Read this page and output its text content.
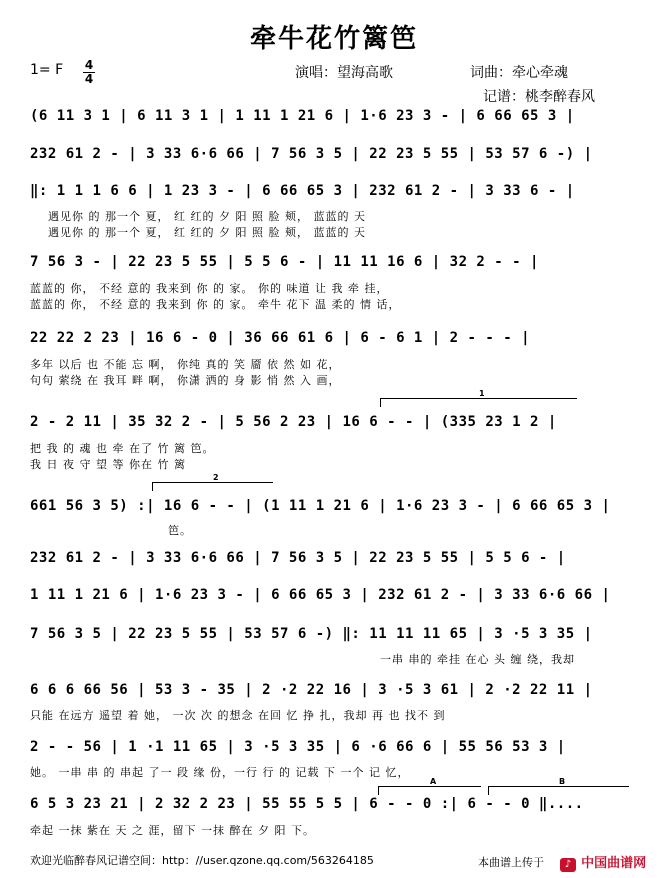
牵牛花竹篱笆
1= F 4
4	演唱：望海高歌	词曲：牵心牵魂
记谱：桃李醉春风
(6 11 3 1 | 6 11 3 1 | 1 11 1 21 6 | 1·6 23 3 - | 6 66 65 3 |
232 61 2 - | 3 33 6·6 66 | 7 56 3 5 | 22 23 5 55 | 53 57 6 -) |
‖: 1 1 1 6 6 | 1 23 3 - | 6 66 65 3 | 232 61 2 - | 3 33 6 - |
遇见你 的 那一个 夏， 红 红的 夕 阳 照 脸 颊， 蓝蓝的 天
遇见你 的 那一个 夏， 红 红的 夕 阳 照 脸 颊， 蓝蓝的 天
7 56 3 - | 22 23 5 55 | 5 5 6 - | 11 11 16 6 | 32 2 - - |
蓝蓝的 你， 不经 意的 我来到 你 的 家。 你的 味道 让 我 牵 挂，
蓝蓝的 你， 不经 意的 我来到 你 的 家。 牵牛 花下 温 柔的 情 话，
22 22 2 23 | 16 6 - 0 | 36 66 61 6 | 6 - 6 1 | 2 - - - |
多年 以后 也 不能 忘 啊， 你纯 真的 笑 靥 依 然 如 花，
句句 萦绕 在 我耳 畔 啊， 你潇 洒的 身 影 悄 然 入 画，
1
2 - 2 11 | 35 32 2 - | 5 56 2 23 | 16 6 - - | (335 23 1 2 |
把 我 的 魂 也 牵 在了 竹 篱 笆。
我 日 夜 守 望 等 你在 竹 篱
2
661 56 3 5) :| 16 6 - - | (1 11 1 21 6 | 1·6 23 3 - | 6 66 65 3 |
笆。
232 61 2 - | 3 33 6·6 66 | 7 56 3 5 | 22 23 5 55 | 5 5 6 - |
1 11 1 21 6 | 1·6 23 3 - | 6 66 65 3 | 232 61 2 - | 3 33 6·6 66 |
7 56 3 5 | 22 23 5 55 | 53 57 6 -) ‖: 11 11 11 65 | 3 ·5 3 35 |
一串 串的 牵挂 在心 头 缠 绕，我却
6 6 6 66 56 | 53 3 - 35 | 2 ·2 22 16 | 3 ·5 3 61 | 2 ·2 22 11 |
只能 在远方 遥望 着 她， 一次 次 的想念 在回 忆 挣 扎，我却 再 也 找不 到
2 - - 56 | 1 ·1 11 65 | 3 ·5 3 35 | 6 ·6 66 6 | 55 56 53 3 |
她。 一串 串 的 串起 了一 段 缘 份，一行 行 的 记载 下 一个 记 忆，
A	B
6 5 3 23 21 | 2 32 2 23 | 55 55 5 5 | 6 - - 0 :| 6 - - 0 ‖....
牵起 一抹 紫在 天 之 涯，留下 一抹 醉在 夕 阳 下。
欢迎光临醉春风记谱空间：http：//user.qzone.qq.com/563264185	本曲谱上传于	♪ 中国曲谱网
